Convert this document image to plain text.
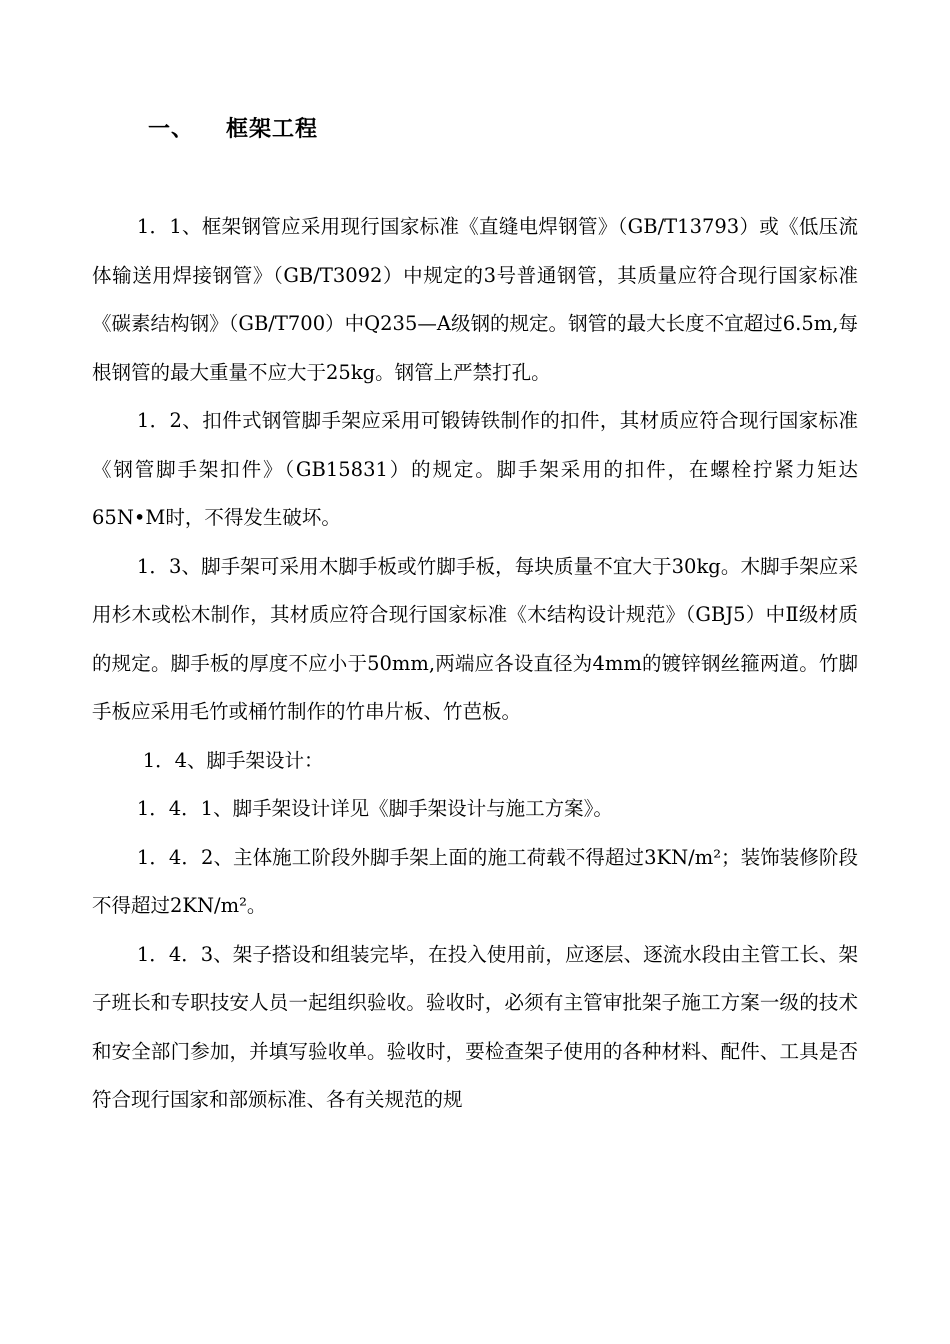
一、	框架工程

1．1、框架钢管应采用现行国家标准《直缝电焊钢管》（GB/T13793）或《低压流体输送用焊接钢管》（GB/T3092）中规定的3号普通钢管，其质量应符合现行国家标准《碳素结构钢》（GB/T700）中Q235—A级钢的规定。钢管的最大长度不宜超过6.5m,每根钢管的最大重量不应大于25kg。钢管上严禁打孔。

1．2、扣件式钢管脚手架应采用可锻铸铁制作的扣件，其材质应符合现行国家标准《钢管脚手架扣件》（GB15831）的规定。脚手架采用的扣件，在螺栓拧紧力矩达65N•M时，不得发生破坏。

1．3、脚手架可采用木脚手板或竹脚手板，每块质量不宜大于30kg。木脚手架应采用杉木或松木制作，其材质应符合现行国家标准《木结构设计规范》（GBJ5）中Ⅱ级材质的规定。脚手板的厚度不应小于50mm,两端应各设直径为4mm的镀锌钢丝箍两道。竹脚手板应采用毛竹或桶竹制作的竹串片板、竹芭板。

1．4、脚手架设计：

1．4．1、脚手架设计详见《脚手架设计与施工方案》。

1．4．2、主体施工阶段外脚手架上面的施工荷载不得超过3KN/m²；装饰装修阶段不得超过2KN/m²。

1．4．3、架子搭设和组装完毕，在投入使用前，应逐层、逐流水段由主管工长、架子班长和专职技安人员一起组织验收。验收时，必须有主管审批架子施工方案一级的技术和安全部门参加，并填写验收单。验收时，要检查架子使用的各种材料、配件、工具是否符合现行国家和部颁标准、各有关规范的规
